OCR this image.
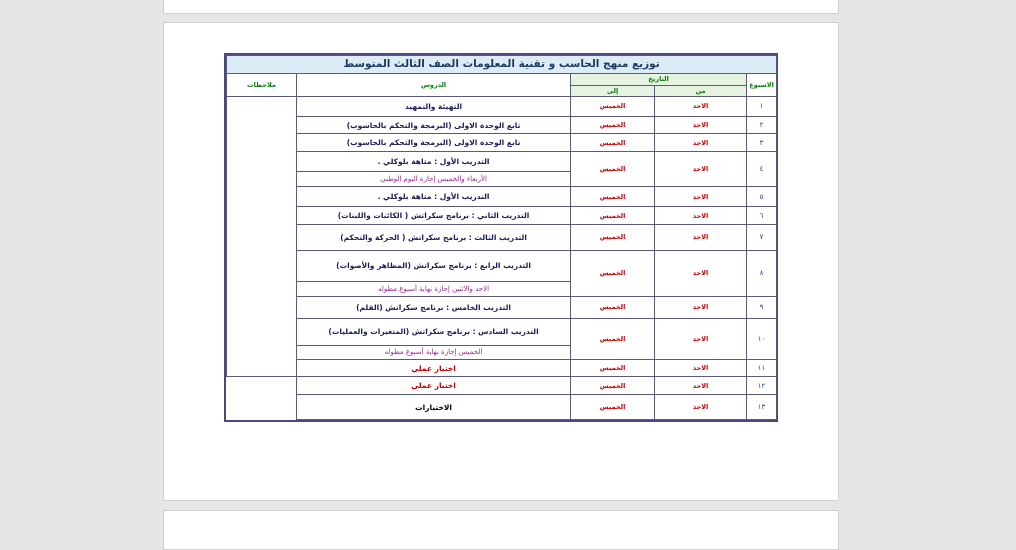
توزيع منهج الحاسب و تقنية المعلومات الصف الثالث المتوسط				
الاسبوع	التاريخ		الدروس	ملاحظات
	من	إلى		
١	الاحد	الخميس	التهيئة والتمهيد	
٢	الاحد	الخميس	تابع الوحدة الاولى (البرمجة والتحكم بالحاسوب)	
٣	الاحد	الخميس	تابع الوحدة الاولى (البرمجة والتحكم بالحاسوب)	
٤	الاحد	الخميس	التدريب الأول : متاهة بلوكلي .	
			الأربعاء والخميس إجازة اليوم الوطني	
٥	الاحد	الخميس	التدريب الأول : متاهة بلوكلي .	
٦	الاحد	الخميس	التدريب الثاني : برنامج سكراتش ( الكائنات واللبنات)	
٧	الاحد	الخميس	التدريب الثالث : برنامج سكراتش ( الحركة والتحكم)	
٨	الاحد	الخميس	التدريب الرابع : برنامج سكراتش (المظاهر والأصوات)	
			الاحد والاثنين إجازة نهاية أسبوع مطوله	
٩	الاحد	الخميس	التدريب الخامس : برنامج سكراتش (القلم)	
١٠	الاحد	الخميس	التدريب السادس : برنامج سكراتش (المتغيرات والعمليات)	
			الخميس إجازة نهاية أسبوع مطوله	
١١	الاحد	الخميس	اختبار عملي	
١٢	الاحد	الخميس	اختبار عملي	
١٣	الاحد	الخميس	الاختبارات	
